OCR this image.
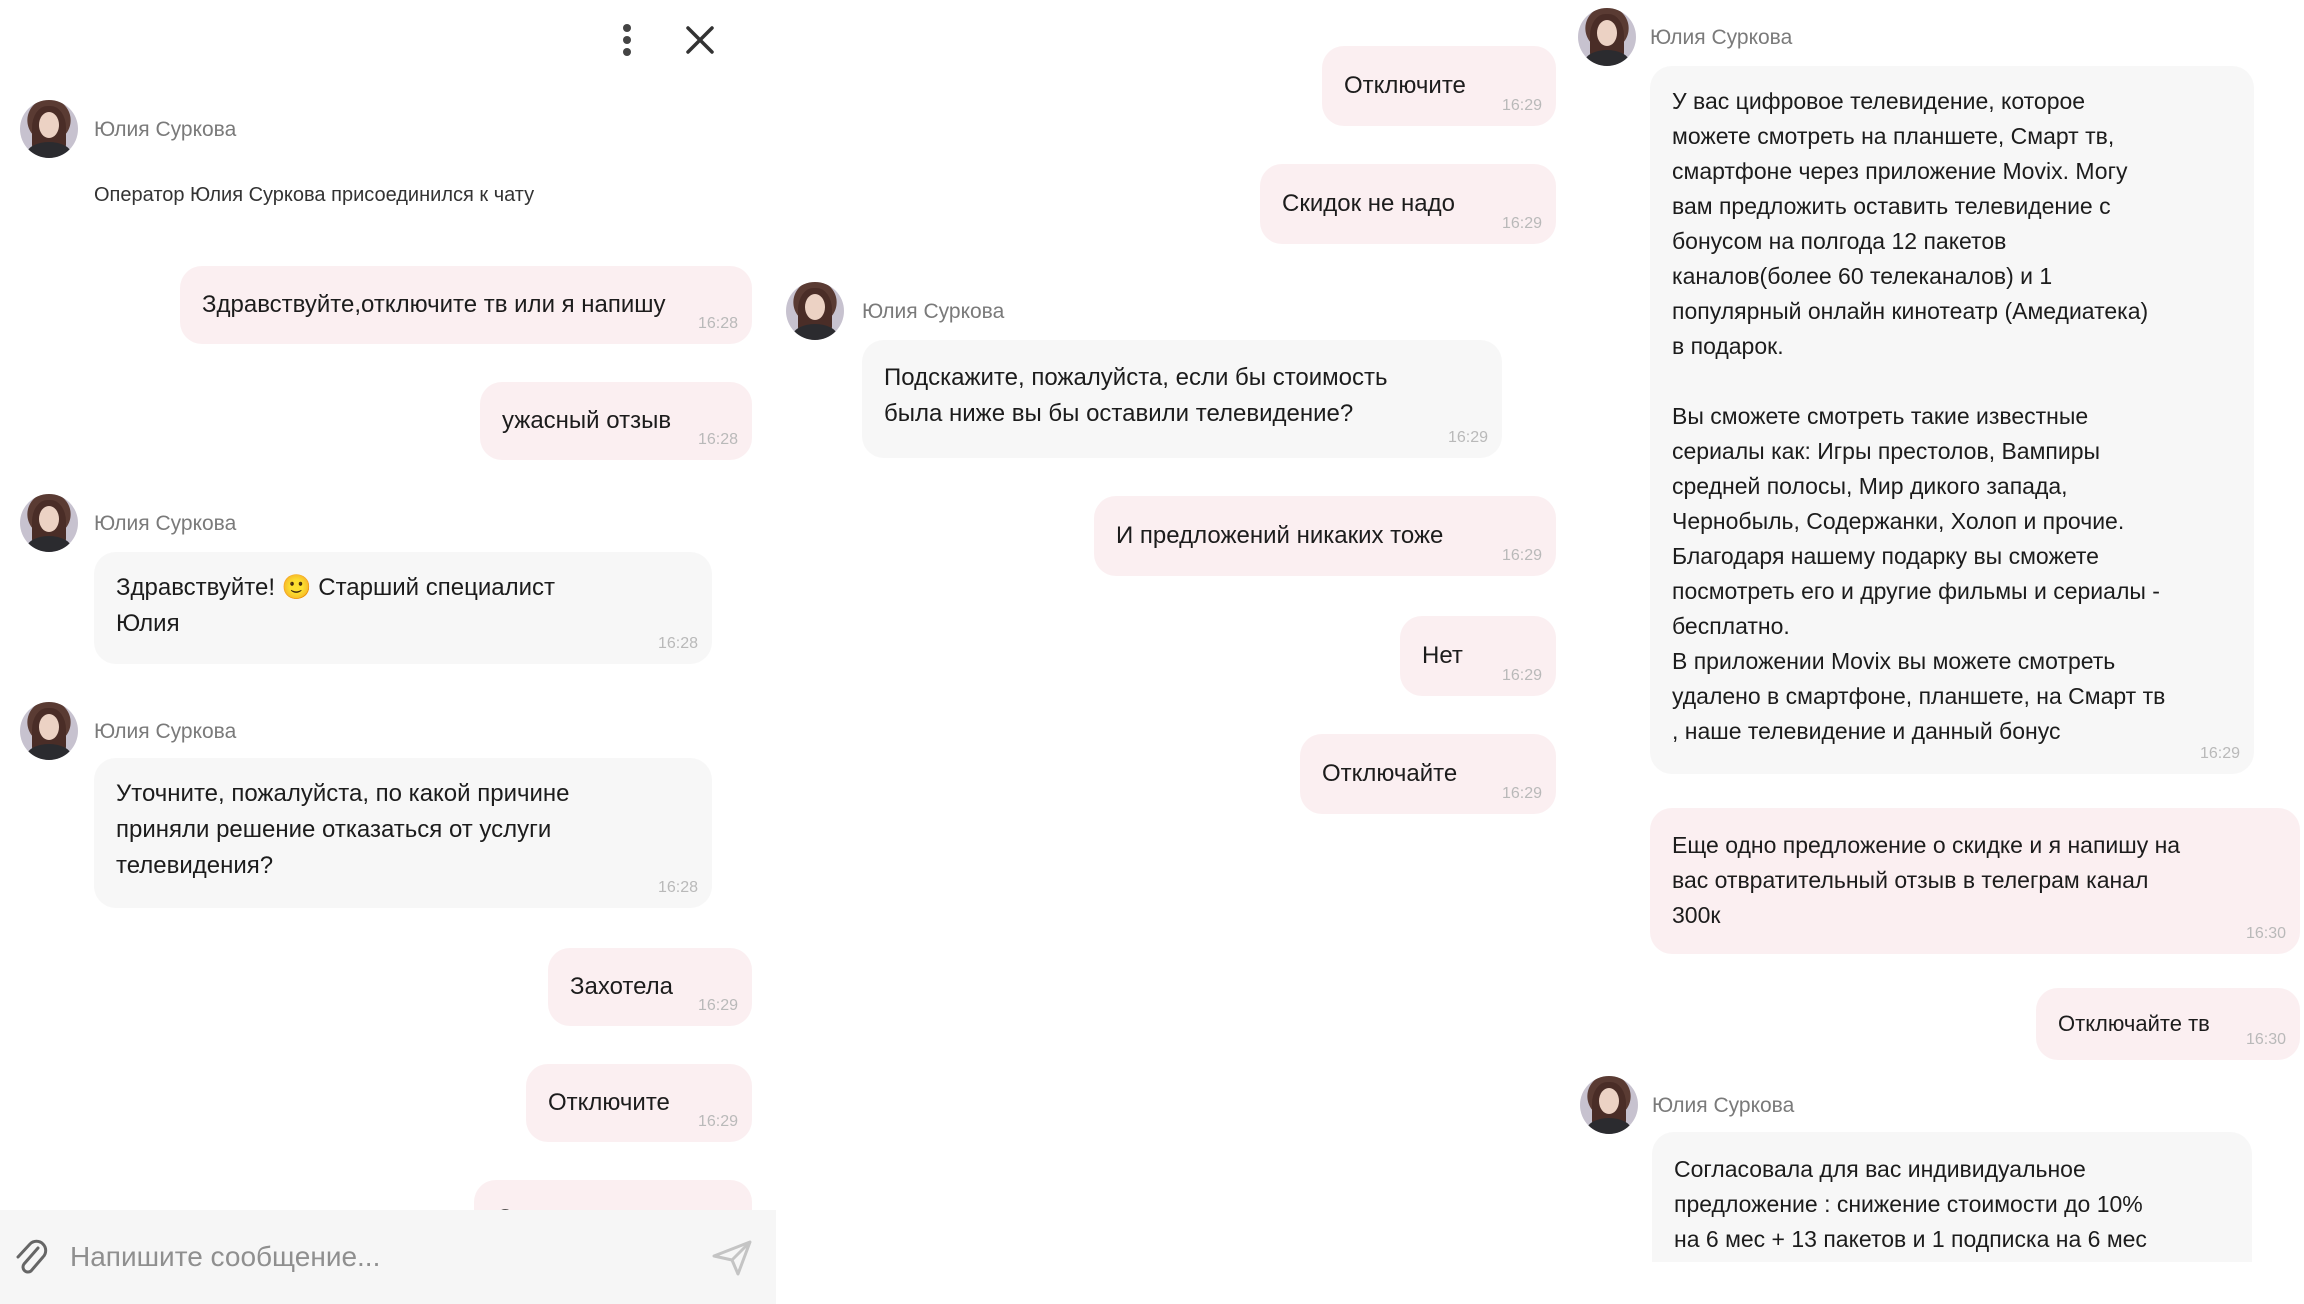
Юлия Суркова
Оператор Юлия Суркова присоединился к чату
Здравствуйте,отключите тв или я напишу
16:28
ужасный отзыв
16:28
Юлия Суркова
Здравствуйте! 🙂 Старший специалист
Юлия
16:28
Юлия Суркова
Уточните, пожалуйста, по какой причине
приняли решение отказаться от услуги
телевидения?
16:28
Захотела
16:29
Отключите
16:29
Напишите сообщение...
Отключите
16:29
Скидок не надо
16:29
Юлия Суркова
Подскажите, пожалуйста, если бы стоимость
была ниже вы бы оставили телевидение?
16:29
И предложений никаких тоже
16:29
Нет
16:29
Отключайте
16:29
Юлия Суркова
У вас цифровое телевидение, которое
можете смотреть на планшете, Смарт тв,
смартфоне через приложение Movix. Могу
вам предложить оставить телевидение с
бонусом на полгода 12 пакетов
каналов(более 60 телеканалов) и 1
популярный онлайн кинотеатр (Амедиатека)
в подарок.

Вы сможете смотреть такие известные
сериалы как: Игры престолов, Вампиры
средней полосы, Мир дикого запада,
Чернобыль, Содержанки, Холоп и прочие.
Благодаря нашему подарку вы сможете
посмотреть его и другие фильмы и сериалы -
бесплатно.
В приложении Movix вы можете смотреть
удалено в смартфоне, планшете, на Смарт тв
, наше телевидение и данный бонус
16:29
Еще одно предложение о скидке и я напишу на
вас отвратительный отзыв в телеграм канал
300к
16:30
Отключайте тв
16:30
Юлия Суркова
Согласовала для вас индивидуальное
предложение : снижение стоимости до 10%
на 6 мес + 13 пакетов и 1 подписка на 6 мес
